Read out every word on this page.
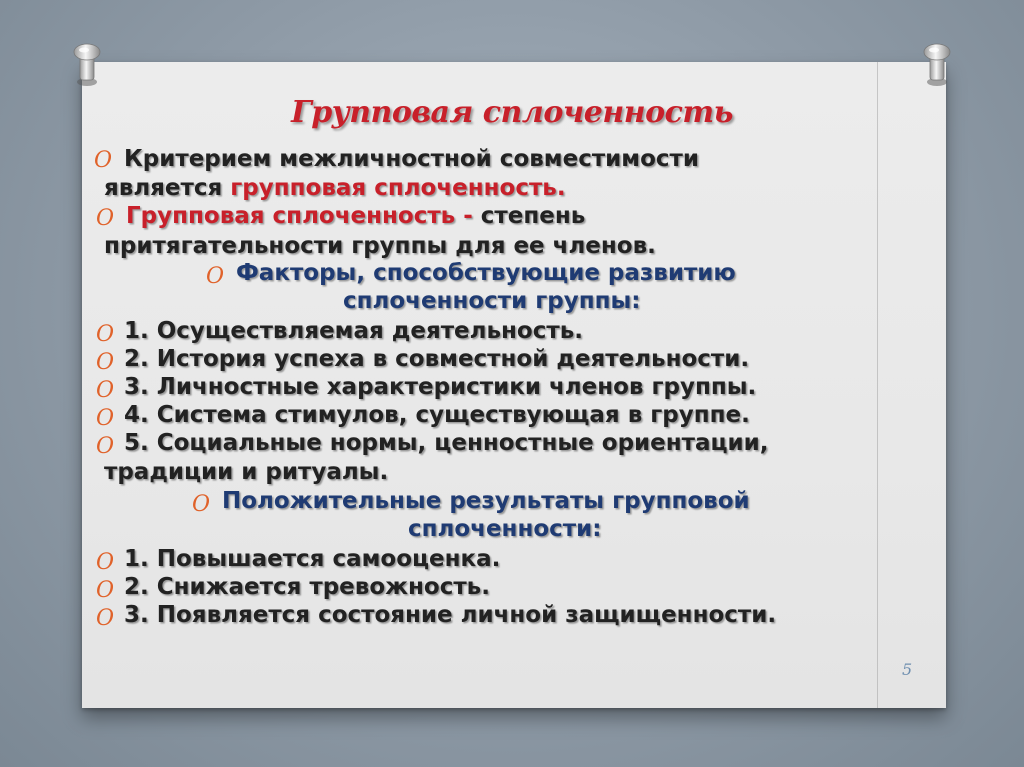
Групповая сплоченность
O Критерием межличностной совместимости
является групповая сплоченность.
O Групповая сплоченность - степень
притягательности группы для ее членов.
O Факторы, способствующие развитию
сплоченности группы:
O 1. Осуществляемая деятельность.
O 2. История успеха в совместной деятельности.
O 3. Личностные характеристики членов группы.
O 4. Система стимулов, существующая в группе.
O 5. Социальные нормы, ценностные ориентации,
традиции и ритуалы.
O Положительные результаты групповой
сплоченности:
O 1. Повышается самооценка.
O 2. Снижается тревожность.
O 3. Появляется состояние личной защищенности.
5
